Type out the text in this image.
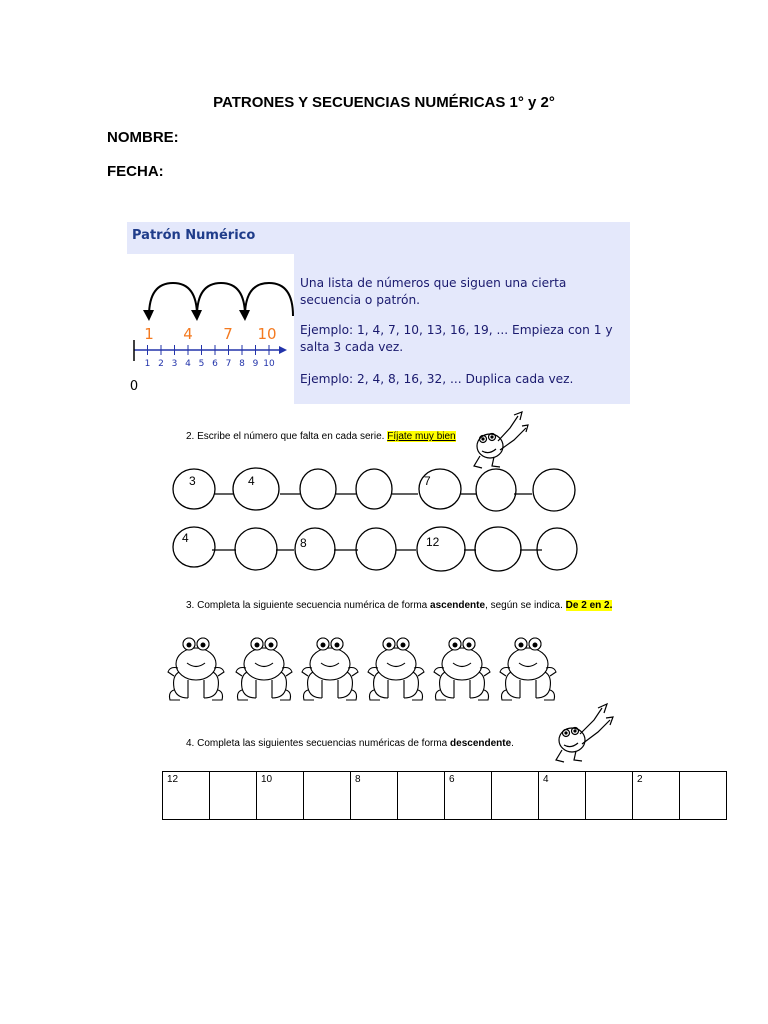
PATRONES Y SECUENCIAS NUMÉRICAS 1° y 2°
NOMBRE:
FECHA:
Patrón Numérico
Una lista de números que siguen una cierta secuencia o patrón.
Ejemplo: 1, 4, 7, 10, 13, 16, 19, ... Empieza con 1 y salta 3 cada vez.
Ejemplo: 2, 4, 8, 16, 32, ... Duplica cada vez.
1 4 7 10
0
1 2 3 4 5 6 7 8 9 10
2. Escribe el número que falta en cada serie. Fíjate muy bien
3	4	7
4	8	12
3. Completa la siguiente secuencia numérica de forma ascendente, según se indica. De 2 en 2.
4. Completa las siguientes secuencias numéricas de forma descendente.
12		10		8		6		4		2	
